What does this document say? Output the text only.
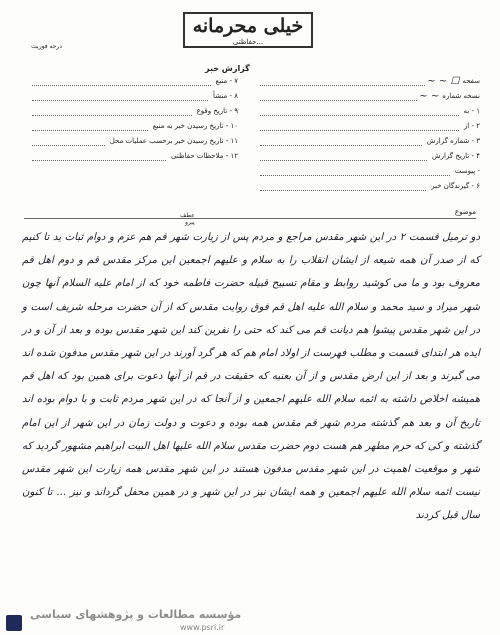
خیلی محرمانه
...حفاظتی
درجه فوریت
گزارش خبر
سفحه
☐ ~ ~
نسخه شماره
~ ~
۱ - به
۲ - از
۳ - شماره گزارش
۴ - تاریخ گزارش
- پیوست
۶ - گیرندگان خبر
۷ - منبع
۸ - منشأ
۹ - تاریخ وقوع
۱۰ - تاریخ رسیدن خبر به منبع
۱۱ - تاریخ رسیدن خبر برحسب عملیات محل
۱۲ - ملاحظات حفاظتی
موضوع
عطف
پیرو

دو ترمیل قسمت ۲ در این شهر مقدس مراجع و مردم پس از زیارت شهر قم هم عزم و دوام ثبات ید تا کنیم که از صدر آن همه شیعه از ایشان انقلاب را به سلام و علیهم اجمعین این مرکز مقدس قم و دوم اهل قم معروف بود و ما می کوشید روابط و مقام تسبیح قبیله حضرت فاطمه خود که از امام علیه السلام آنها چون شهر میراد و سید محمد و سلام الله علیه اهل قم فوق روایت مقدس که از آن حضرت مرحله شریف است و در این شهر مقدس پیشوا هم دیانت قم می کند که حتی را نفرین کند این شهر مقدس بوده و بعد از آن و در ایده هر ابتدای قسمت و مطلب فهرست از اولاد امام هم که هر گرد آورند در این شهر مقدس مدفون شده اند می گیرند و بعد از این ارض مقدس و از آن بعنیه که حقیقت در قم از آنها دعوت برای همین بود که اهل قم همیشه اخلاص داشته به ائمه سلام الله علیهم اجمعین و از آنجا که در این شهر مردم ثابت و با دوام بوده اند تاریخ آن و بعد هم گذشته مردم شهر قم مقدس همه بوده و دعوت و دولت زمان در این شهر از این امام گذشته و کی که حرم مطهر هم هست دوم حضرت مقدس سلام الله علیها اهل البیت ابراهیم مشهور گردید که شهر و موقعیت اهمیت در این شهر مقدس مدفون هستند در این شهر مقدس همه زیارت این شهر مقدس نیست ائمه سلام الله علیهم اجمعین و همه ایشان نیز در این شهر و در همین محفل گرداند و نیز ... تا کنون سال قبل کردند

مؤسسه مطالعات و پژوهشهای سیاسی
www.psri.ir
